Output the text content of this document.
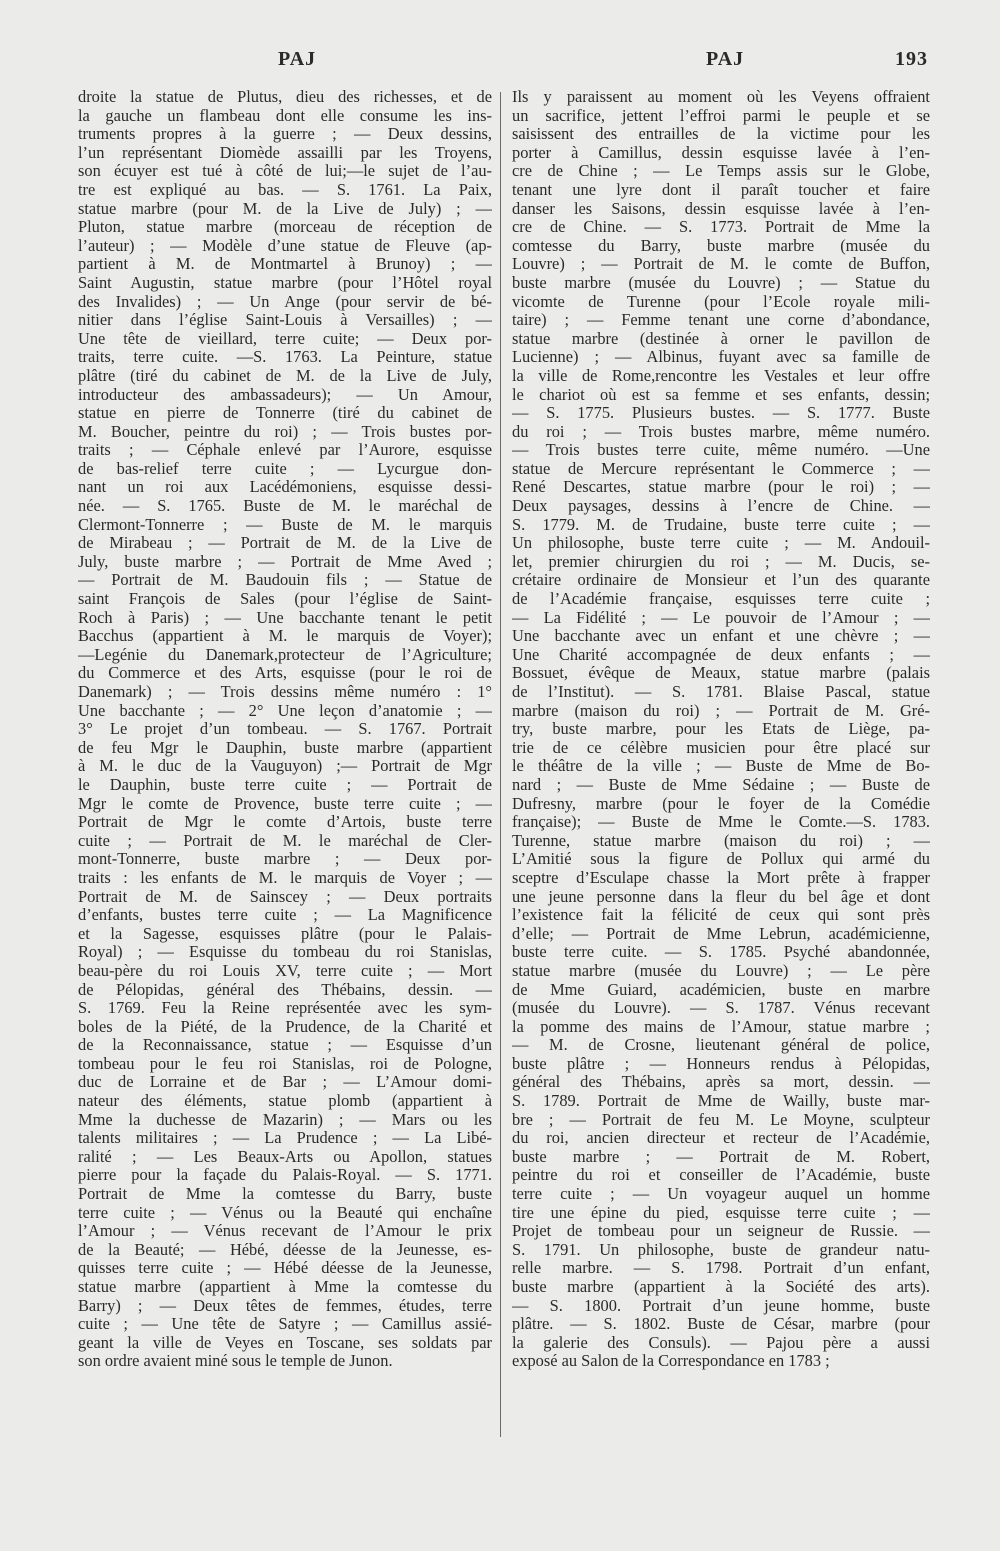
PAJ	PAJ	193

droite la statue de Plutus, dieu des richesses, et de

la gauche un flambeau dont elle consume les ins-

truments propres à la guerre ; — Deux dessins,

l’un représentant Diomède assailli par les Troyens,

son écuyer est tué à côté de lui;—le sujet de l’au-

tre est expliqué au bas. — S. 1761. La Paix,

statue marbre (pour M. de la Live de July) ; —

Pluton, statue marbre (morceau de réception de

l’auteur) ; — Modèle d’une statue de Fleuve (ap-

partient à M. de Montmartel à Brunoy) ; —

Saint Augustin, statue marbre (pour l’Hôtel royal

des Invalides) ; — Un Ange (pour servir de bé-

nitier dans l’église Saint-Louis à Versailles) ; —

Une tête de vieillard, terre cuite; — Deux por-

traits, terre cuite. —S. 1763. La Peinture, statue

plâtre (tiré du cabinet de M. de la Live de July,

introducteur des ambassadeurs); — Un Amour,

statue en pierre de Tonnerre (tiré du cabinet de

M. Boucher, peintre du roi) ; — Trois bustes por-

traits ; — Céphale enlevé par l’Aurore, esquisse

de bas-relief terre cuite ; — Lycurgue don-

nant un roi aux Lacédémoniens, esquisse dessi-

née. — S. 1765. Buste de M. le maréchal de

Clermont-Tonnerre ; — Buste de M. le marquis

de Mirabeau ; — Portrait de M. de la Live de

July, buste marbre ; — Portrait de Mme Aved ;

— Portrait de M. Baudouin fils ; — Statue de

saint François de Sales (pour l’église de Saint-

Roch à Paris) ; — Une bacchante tenant le petit

Bacchus (appartient à M. le marquis de Voyer);

—Legénie du Danemark,protecteur de l’Agriculture;

du Commerce et des Arts, esquisse (pour le roi de

Danemark) ; — Trois dessins même numéro : 1°

Une bacchante ; — 2° Une leçon d’anatomie ; —

3° Le projet d’un tombeau. — S. 1767. Portrait

de feu Mgr le Dauphin, buste marbre (appartient

à M. le duc de la Vauguyon) ;— Portrait de Mgr

le Dauphin, buste terre cuite ; — Portrait de

Mgr le comte de Provence, buste terre cuite ; —

Portrait de Mgr le comte d’Artois, buste terre

cuite ; — Portrait de M. le maréchal de Cler-

mont-Tonnerre, buste marbre ; — Deux por-

traits : les enfants de M. le marquis de Voyer ; —

Portrait de M. de Sainscey ; — Deux portraits

d’enfants, bustes terre cuite ; — La Magnificence

et la Sagesse, esquisses plâtre (pour le Palais-

Royal) ; — Esquisse du tombeau du roi Stanislas,

beau-père du roi Louis XV, terre cuite ; — Mort

de Pélopidas, général des Thébains, dessin. —

S. 1769. Feu la Reine représentée avec les sym-

boles de la Piété, de la Prudence, de la Charité et

de la Reconnaissance, statue ; — Esquisse d’un

tombeau pour le feu roi Stanislas, roi de Pologne,

duc de Lorraine et de Bar ; — L’Amour domi-

nateur des éléments, statue plomb (appartient à

Mme la duchesse de Mazarin) ; — Mars ou les

talents militaires ; — La Prudence ; — La Libé-

ralité ; — Les Beaux-Arts ou Apollon, statues

pierre pour la façade du Palais-Royal. — S. 1771.

Portrait de Mme la comtesse du Barry, buste

terre cuite ; — Vénus ou la Beauté qui enchaîne

l’Amour ; — Vénus recevant de l’Amour le prix

de la Beauté; — Hébé, déesse de la Jeunesse, es-

quisses terre cuite ; — Hébé déesse de la Jeunesse,

statue marbre (appartient à Mme la comtesse du

Barry) ; — Deux têtes de femmes, études, terre

cuite ; — Une tête de Satyre ; — Camillus assié-

geant la ville de Veyes en Toscane, ses soldats par

son ordre avaient miné sous le temple de Junon.

Ils y paraissent au moment où les Veyens offraient

un sacrifice, jettent l’effroi parmi le peuple et se

saisissent des entrailles de la victime pour les

porter à Camillus, dessin esquisse lavée à l’en-

cre de Chine ; — Le Temps assis sur le Globe,

tenant une lyre dont il paraît toucher et faire

danser les Saisons, dessin esquisse lavée à l’en-

cre de Chine. — S. 1773. Portrait de Mme la

comtesse du Barry, buste marbre (musée du

Louvre) ; — Portrait de M. le comte de Buffon,

buste marbre (musée du Louvre) ; — Statue du

vicomte de Turenne (pour l’Ecole royale mili-

taire) ; — Femme tenant une corne d’abondance,

statue marbre (destinée à orner le pavillon de

Lucienne) ; — Albinus, fuyant avec sa famille de

la ville de Rome,rencontre les Vestales et leur offre

le chariot où est sa femme et ses enfants, dessin;

— S. 1775. Plusieurs bustes. — S. 1777. Buste

du roi ; — Trois bustes marbre, même numéro.

— Trois bustes terre cuite, même numéro. —Une

statue de Mercure représentant le Commerce ; —

René Descartes, statue marbre (pour le roi) ; —

Deux paysages, dessins à l’encre de Chine. —

S. 1779. M. de Trudaine, buste terre cuite ; —

Un philosophe, buste terre cuite ; — M. Andouil-

let, premier chirurgien du roi ; — M. Ducis, se-

crétaire ordinaire de Monsieur et l’un des quarante

de l’Académie française, esquisses terre cuite ;

— La Fidélité ; — Le pouvoir de l’Amour ; —

Une bacchante avec un enfant et une chèvre ; —

Une Charité accompagnée de deux enfants ; —

Bossuet, évêque de Meaux, statue marbre (palais

de l’Institut). — S. 1781. Blaise Pascal, statue

marbre (maison du roi) ; — Portrait de M. Gré-

try, buste marbre, pour les Etats de Liège, pa-

trie de ce célèbre musicien pour être placé sur

le théâtre de la ville ; — Buste de Mme de Bo-

nard ; — Buste de Mme Sédaine ; — Buste de

Dufresny, marbre (pour le foyer de la Comédie

française); — Buste de Mme le Comte.—S. 1783.

Turenne, statue marbre (maison du roi) ; —

L’Amitié sous la figure de Pollux qui armé du

sceptre d’Esculape chasse la Mort prête à frapper

une jeune personne dans la fleur du bel âge et dont

l’existence fait la félicité de ceux qui sont près

d’elle; — Portrait de Mme Lebrun, académicienne,

buste terre cuite. — S. 1785. Psyché abandonnée,

statue marbre (musée du Louvre) ; — Le père

de Mme Guiard, académicien, buste en marbre

(musée du Louvre). — S. 1787. Vénus recevant

la pomme des mains de l’Amour, statue marbre ;

— M. de Crosne, lieutenant général de police,

buste plâtre ; — Honneurs rendus à Pélopidas,

général des Thébains, après sa mort, dessin. —

S. 1789. Portrait de Mme de Wailly, buste mar-

bre ; — Portrait de feu M. Le Moyne, sculpteur

du roi, ancien directeur et recteur de l’Académie,

buste marbre ; — Portrait de M. Robert,

peintre du roi et conseiller de l’Académie, buste

terre cuite ; — Un voyageur auquel un homme

tire une épine du pied, esquisse terre cuite ; —

Projet de tombeau pour un seigneur de Russie. —

S. 1791. Un philosophe, buste de grandeur natu-

relle marbre. — S. 1798. Portrait d’un enfant,

buste marbre (appartient à la Société des arts).

— S. 1800. Portrait d’un jeune homme, buste

plâtre. — S. 1802. Buste de César, marbre (pour

la galerie des Consuls). — Pajou père a aussi

exposé au Salon de la Correspondance en 1783 ;
